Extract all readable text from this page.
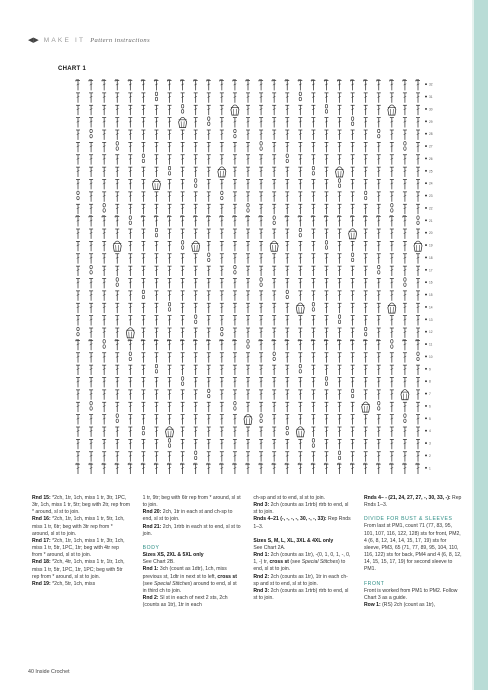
◀▶ MAKE IT Pattern instructions
CHART 1
1
2
3
4
5
6
7
8
9
10
11
12
13
14
15
16
17
18
19
20
21
22
23
24
25
26
27
28
29
30
31
32

Rnd 15: *2ch, 1tr, 1ch, miss 1 tr, 3tr, 1PC, 3tr, 1ch, miss 1 tr, 5tr; beg with 2tr, rep from * around, sl st to join.

Rnd 16: *2ch, 1tr, 1ch, miss 1 tr, 5tr, 1ch, miss 1 tr, 6tr; beg with 3tr rep from * around, sl st to join.

Rnd 17: *2ch, 1tr, 1ch, miss 1 tr, 3tr, 1ch, miss 1 tr, 5tr, 1PC, 1tr; beg with 4tr rep from * around, sl st to join.

Rnd 18: *2ch, 4tr, 1ch, miss 1 tr, 1tr, 1ch, miss 1 tr, 5tr, 1PC, 1tr, 1PC; beg with 5tr rep from * around, sl st to join.

Rnd 19: *2ch, 5tr, 1ch, miss

1 tr, 9tr; beg with 6tr rep from * around, sl st to join.

Rnd 20: 2ch, 1tr in each st and ch-sp to end, sl st to join.

Rnd 21: 2ch, 1rtrb in each st to end, sl st to join.

BODY

Sizes XS, 2XL & 5XL only

See Chart 2B.

Rnd 1: 3ch (count as 1dtr), 1ch, miss previous st, 1dtr in next st to left, cross st (see Special Stitches) around to end, sl st in third ch to join.

Rnd 2: Sl st in each of next 2 sts, 2ch (counts as 1tr), 1tr in each

ch-sp and st to end, sl st to join.

Rnd 3: 2ch (counts as 1rtrb) rtrb to end, sl st to join.

Rnds 4–21 (-, -, -, -, 30, -, -, 33): Rep Rnds 1–3.

Sizes S, M, L, XL, 3XL & 4XL only

See Chart 2A.

Rnd 1: 2ch (counts as 1tr), -(0, 1, 0, 1, -, 0, 1, -) tr, cross st (see Special Stitches) to end, sl st to join.

Rnd 2: 2ch (counts as 1tr), 1tr in each ch-sp and st to end, sl st to join.

Rnd 3: 2ch (counts as 1rtrb) rtrb to end, sl st to join.

Rnds 4– - (21, 24, 27, 27, -, 30, 33, -): Rep Rnds 1–3.

DIVIDE FOR BUST & SLEEVES

From last st PM1, count 71 (77, 83, 95, 101, 107, 116, 122, 128) sts for front, PM2, 4 (6, 8, 12, 14, 14, 15, 17, 19) sts for sleeve, PM3, 65 (71, 77, 89, 95, 104, 110, 116, 122) sts for back, PM4 and 4 (6, 8, 12, 14, 15, 15, 17, 19) for second sleeve to PM1.

FRONT

Front is worked from PM1 to PM2. Follow Chart 3 as a guide.

Row 1: (RS) 2ch (count as 1tr),

40 Inside Crochet
